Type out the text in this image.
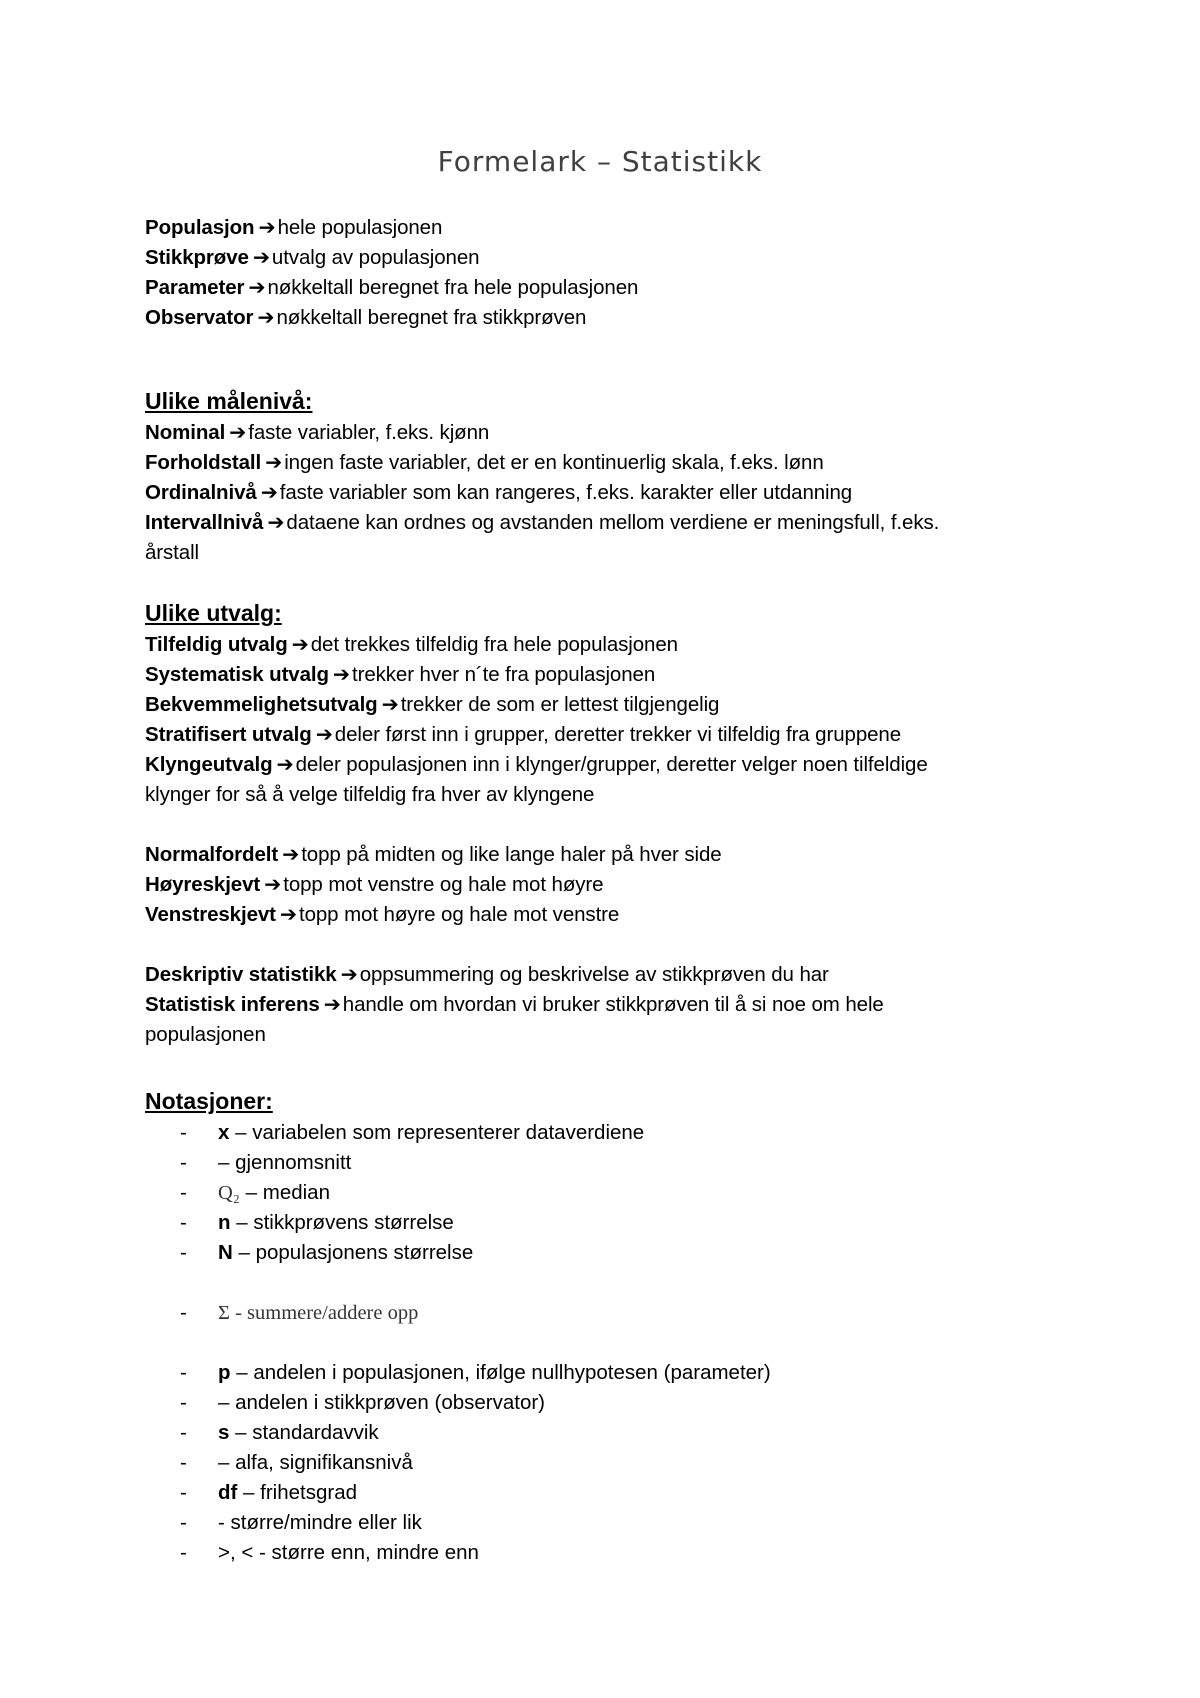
Formelark – Statistikk
Populasjon ➔hele populasjonen
Stikkprøve ➔utvalg av populasjonen
Parameter ➔nøkkeltall beregnet fra hele populasjonen
Observator ➔nøkkeltall beregnet fra stikkprøven
Ulike målenivå:
Nominal ➔faste variabler, f.eks. kjønn
Forholdstall ➔ingen faste variabler, det er en kontinuerlig skala, f.eks. lønn
Ordinalnivå ➔faste variabler som kan rangeres, f.eks. karakter eller utdanning
Intervallnivå ➔dataene kan ordnes og avstanden mellom verdiene er meningsfull, f.eks.
årstall
Ulike utvalg:
Tilfeldig utvalg ➔det trekkes tilfeldig fra hele populasjonen
Systematisk utvalg ➔trekker hver n´te fra populasjonen
Bekvemmelighetsutvalg ➔trekker de som er lettest tilgjengelig
Stratifisert utvalg ➔deler først inn i grupper, deretter trekker vi tilfeldig fra gruppene
Klyngeutvalg ➔deler populasjonen inn i klynger/grupper, deretter velger noen tilfeldige
klynger for så å velge tilfeldig fra hver av klyngene
Normalfordelt ➔topp på midten og like lange haler på hver side
Høyreskjevt ➔topp mot venstre og hale mot høyre
Venstreskjevt ➔topp mot høyre og hale mot venstre
Deskriptiv statistikk ➔oppsummering og beskrivelse av stikkprøven du har
Statistisk inferens ➔handle om hvordan vi bruker stikkprøven til å si noe om hele
populasjonen
Notasjoner:
-	x – variabelen som representerer dataverdiene
-	– gjennomsnitt
-	Q₂ – median
-	n – stikkprøvens størrelse
-	N – populasjonens størrelse
-	Σ - summere/addere opp
-	p – andelen i populasjonen, ifølge nullhypotesen (parameter)
-	– andelen i stikkprøven (observator)
-	s – standardavvik
-	– alfa, signifikansnivå
-	df – frihetsgrad
-	- større/mindre eller lik
-	>, < - større enn, mindre enn
